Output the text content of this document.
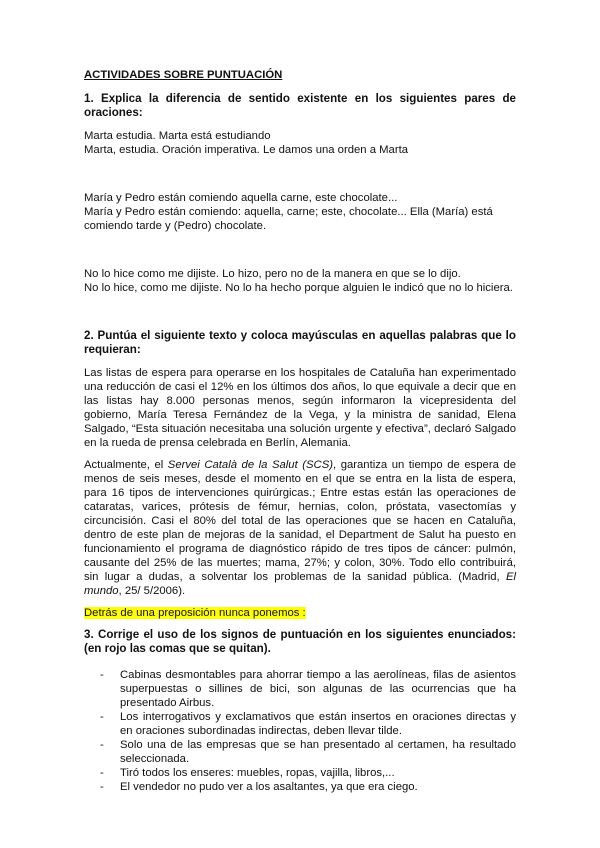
ACTIVIDADES SOBRE PUNTUACIÓN

1. Explica la diferencia de sentido existente en los siguientes pares de oraciones:

Marta estudia. Marta está estudiando

Marta, estudia. Oración imperativa. Le damos una orden a Marta

María y Pedro están comiendo aquella carne, este chocolate...

María y Pedro están comiendo: aquella, carne; este, chocolate... Ella (María) está comiendo tarde y (Pedro) chocolate.

No lo hice como me dijiste. Lo hizo, pero no de la manera en que se lo dijo.

No lo hice, como me dijiste. No lo ha hecho porque alguien le indicó que no lo hiciera.

2. Puntúa el siguiente texto y coloca mayúsculas en aquellas palabras que lo requieran:

Las listas de espera para operarse en los hospitales de Cataluña han experimentado una reducción de casi el 12% en los últimos dos años, lo que equivale a decir que en las listas hay 8.000 personas menos, según informaron la vicepresidenta del gobierno, María Teresa Fernández de la Vega, y la ministra de sanidad, Elena Salgado, “Esta situación necesitaba una solución urgente y efectiva”, declaró Salgado en la rueda de prensa celebrada en Berlín, Alemania.

Actualmente, el Servei Català de la Salut (SCS), garantiza un tiempo de espera de menos de seis meses, desde el momento en el que se entra en la lista de espera, para 16 tipos de intervenciones quirúrgicas.; Entre estas están las operaciones de cataratas, varices, prótesis de fémur, hernias, colon, próstata, vasectomías y circuncisión. Casi el 80% del total de las operaciones que se hacen en Cataluña, dentro de este plan de mejoras de la sanidad, el Department de Salut ha puesto en funcionamiento el programa de diagnóstico rápido de tres tipos de cáncer: pulmón, causante del 25% de las muertes; mama, 27%; y colon, 30%. Todo ello contribuirá, sin lugar a dudas, a solventar los problemas de la sanidad pública. (Madrid, El mundo, 25/ 5/2006).

Detrás de una preposición nunca ponemos :

3. Corrige el uso de los signos de puntuación en los siguientes enunciados: (en rojo las comas que se quitan).

- Cabinas desmontables para ahorrar tiempo a las aerolíneas, filas de asientos superpuestas o sillines de bici, son algunas de las ocurrencias que ha presentado Airbus.
- Los interrogativos y exclamativos que están insertos en oraciones directas y en oraciones subordinadas indirectas, deben llevar tilde.
- Solo una de las empresas que se han presentado al certamen, ha resultado seleccionada.
- Tiró todos los enseres: muebles, ropas, vajilla, libros,...
- El vendedor no pudo ver a los asaltantes, ya que era ciego.
